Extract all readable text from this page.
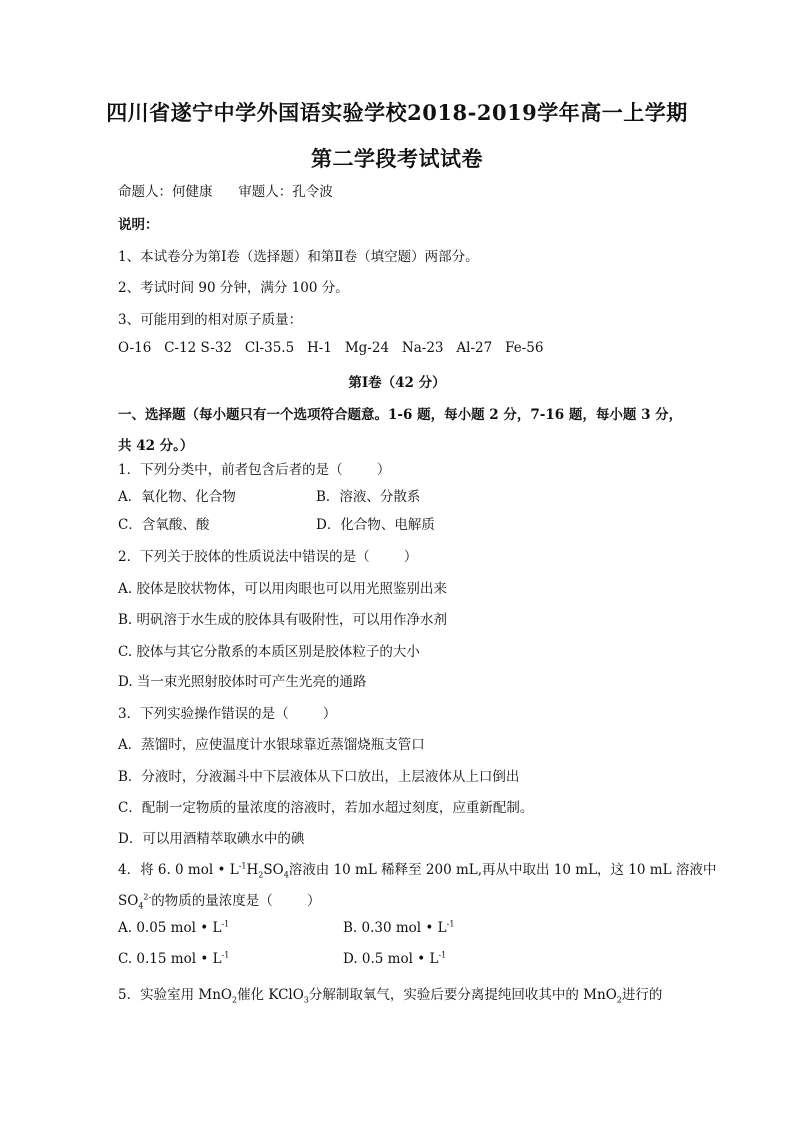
四川省遂宁中学外国语实验学校2018-2019学年高一上学期
第二学段考试试卷
命题人：何健康      审题人：孔令波
说明：
1、本试卷分为第Ⅰ卷（选择题）和第Ⅱ卷（填空题）两部分。
2、考试时间 90 分钟，满分 100 分。
3、可能用到的相对原子质量：
O-16   C-12 S-32   Cl-35.5   H-1   Mg-24   Na-23   Al-27   Fe-56
第Ⅰ卷（42 分）
一、选择题（每小题只有一个选项符合题意。1-6 题，每小题 2 分，7-16 题，每小题 3 分，
共 42 分。）
1．下列分类中，前者包含后者的是（        ）
A．氧化物、化合物	B．溶液、分散系
C．含氧酸、酸	D．化合物、电解质
2．下列关于胶体的性质说法中错误的是（        ）
A. 胶体是胶状物体，可以用肉眼也可以用光照鉴别出来
B. 明矾溶于水生成的胶体具有吸附性，可以用作净水剂
C. 胶体与其它分散系的本质区别是胶体粒子的大小
D. 当一束光照射胶体时可产生光亮的通路
3．下列实验操作错误的是（        ）
A．蒸馏时，应使温度计水银球靠近蒸馏烧瓶支管口
B．分液时，分液漏斗中下层液体从下口放出，上层液体从上口倒出
C．配制一定物质的量浓度的溶液时，若加水超过刻度，应重新配制。
D．可以用酒精萃取碘水中的碘
4．将 6. 0 mol • $L^{-1}H_2SO_4$溶液由 10 mL 稀释至 200 mL,再从中取出 10 mL，这 10 mL 溶液中
$SO_4^{2-}$的物质的量浓度是（        ）
A. 0.05 mol • $L^{-1}$	B. 0.30 mol • $L^{-1}$
C. 0.15 mol • $L^{-1}$	D. 0.5 mol • $L^{-1}$
5．实验室用 MnO$_2$催化 KClO$_3$分解制取氧气，实验后要分离提纯回收其中的 MnO$_2$进行的
